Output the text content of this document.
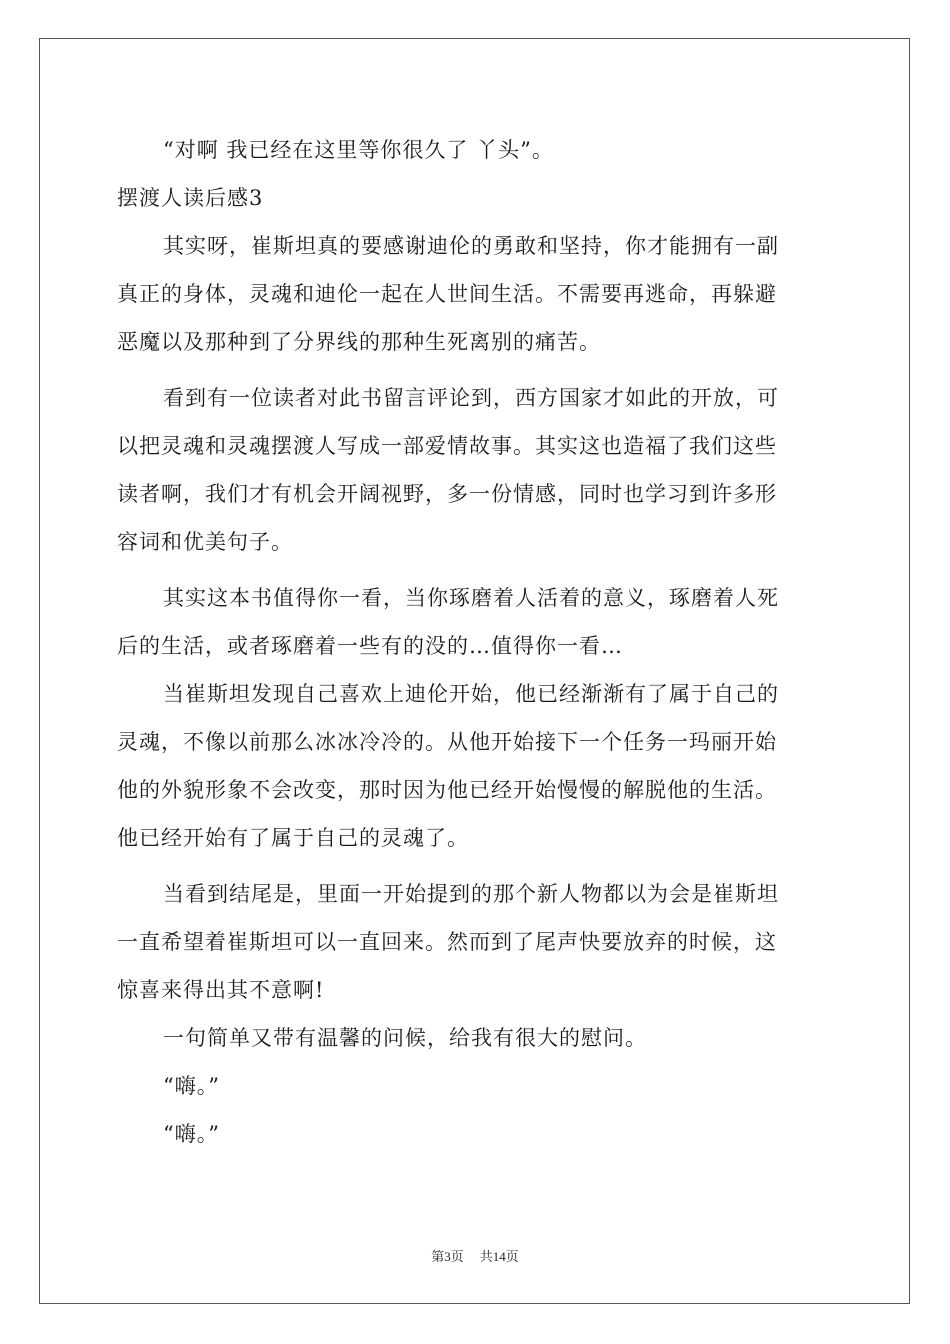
“对啊 我已经在这里等你很久了 丫头”。
摆渡人读后感3
其实呀，崔斯坦真的要感谢迪伦的勇敢和坚持，你才能拥有一副
真正的身体，灵魂和迪伦一起在人世间生活。不需要再逃命，再躲避
恶魔以及那种到了分界线的那种生死离别的痛苦。
看到有一位读者对此书留言评论到，西方国家才如此的开放，可
以把灵魂和灵魂摆渡人写成一部爱情故事。其实这也造福了我们这些
读者啊，我们才有机会开阔视野，多一份情感，同时也学习到许多形
容词和优美句子。
其实这本书值得你一看，当你琢磨着人活着的意义，琢磨着人死
后的生活，或者琢磨着一些有的没的…值得你一看…
当崔斯坦发现自己喜欢上迪伦开始，他已经渐渐有了属于自己的
灵魂，不像以前那么冰冰冷冷的。从他开始接下一个任务一玛丽开始
他的外貌形象不会改变，那时因为他已经开始慢慢的解脱他的生活。
他已经开始有了属于自己的灵魂了。
当看到结尾是，里面一开始提到的那个新人物都以为会是崔斯坦
一直希望着崔斯坦可以一直回来。然而到了尾声快要放弃的时候，这
惊喜来得出其不意啊!
一句简单又带有温馨的问候，给我有很大的慰问。
“嗨。”
“嗨。”
第3页 共14页
